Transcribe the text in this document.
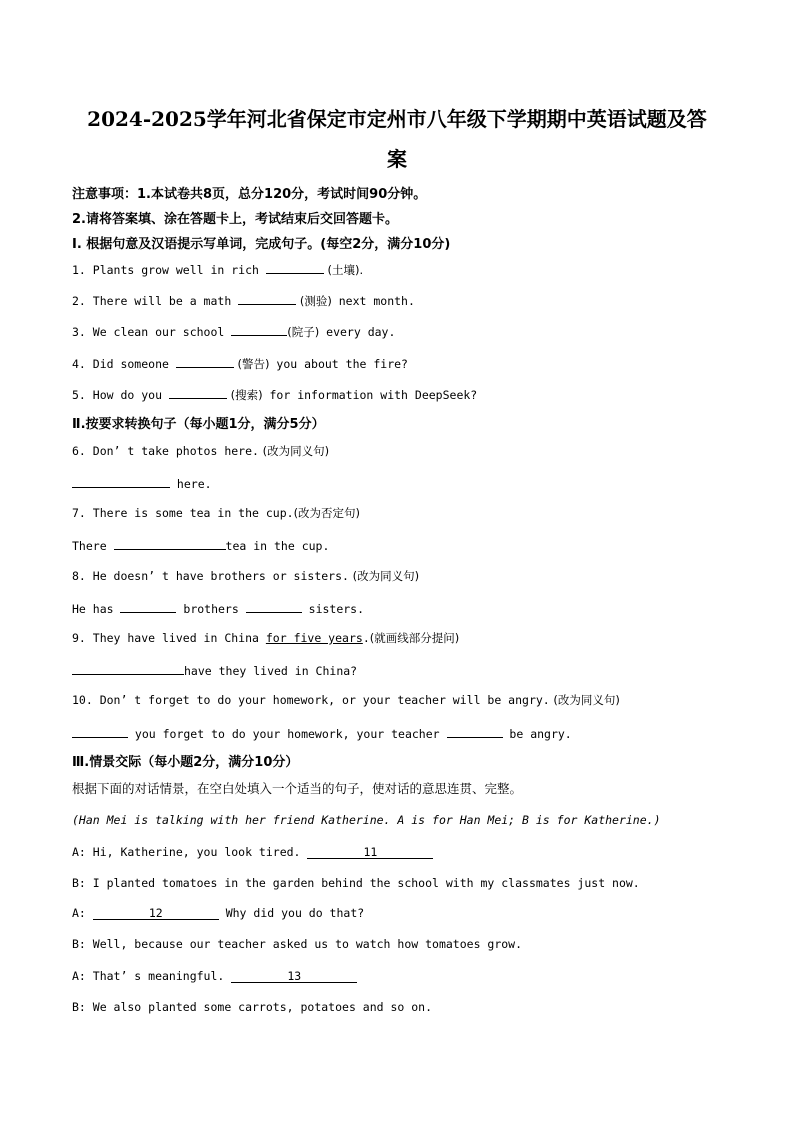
2024-2025学年河北省保定市定州市八年级下学期期中英语试题及答
案
注意事项：1.本试卷共8页，总分120分，考试时间90分钟。
2.请将答案填、涂在答题卡上，考试结束后交回答题卡。
Ⅰ. 根据句意及汉语提示写单词，完成句子。(每空2分，满分10分)
1. Plants grow well in rich	(土壤).
2. There will be a math	(测验) next month.
3. We clean our school	(院子) every day.
4. Did someone	(警告) you about the fire?
5. How do you	(搜索) for information with DeepSeek?
Ⅱ.按要求转换句子（每小题1分，满分5分）
6. Don’ t take photos here. (改为同义句)
here.
7. There is some tea in the cup.(改为否定句)
There	tea in the cup.
8. He doesn’ t have brothers or sisters. (改为同义句)
He has	brothers	sisters.
9. They have lived in China for five years.(就画线部分提问)
have they lived in China?
10. Don’ t forget to do your homework, or your teacher will be angry. (改为同义句)
you forget to do your homework, your teacher	be angry.
Ⅲ.情景交际（每小题2分，满分10分）
根据下面的对话情景，在空白处填入一个适当的句子，使对话的意思连贯、完整。
(Han Mei is talking with her friend Katherine. A is for Han Mei; B is for Katherine.)
A: Hi, Katherine, you look tired.	11
B: I planted tomatoes in the garden behind the school with my classmates just now.
A:	12	Why did you do that?
B: Well, because our teacher asked us to watch how tomatoes grow.
A: That’ s meaningful.	13
B: We also planted some carrots, potatoes and so on.
